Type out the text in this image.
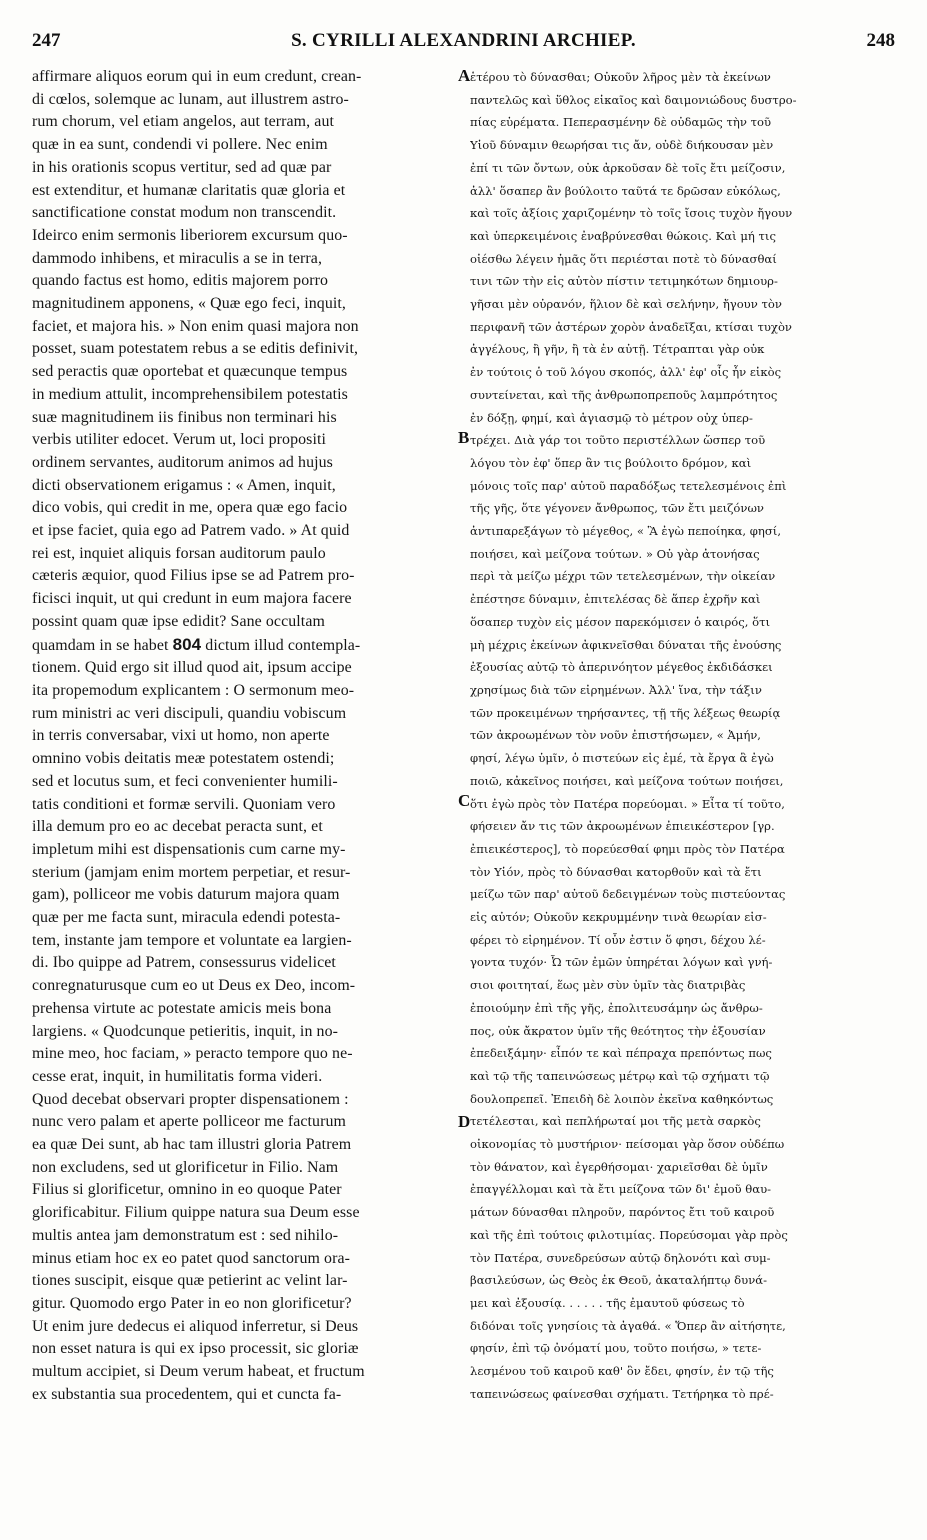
247	S. CYRILLI ALEXANDRINI ARCHIEP.	248
affirmare aliquos eorum qui in eum credunt, crean-
di cœlos, solemque ac lunam, aut illustrem astro-
rum chorum, vel etiam angelos, aut terram, aut
quæ in ea sunt, condendi vi pollere. Nec enim
in his orationis scopus vertitur, sed ad quæ par
est extenditur, et humanæ claritatis quæ gloria et
sanctificatione constat modum non transcendit.
Ideirco enim sermonis liberiorem excursum quo-
dammodo inhibens, et miraculis a se in terra,
quando factus est homo, editis majorem porro
magnitudinem apponens, « Quæ ego feci, inquit,
faciet, et majora his. » Non enim quasi majora non
posset, suam potestatem rebus a se editis definivit,
sed peractis quæ oportebat et quæcunque tempus
in medium attulit, incomprehensibilem potestatis
suæ magnitudinem iis finibus non terminari his
verbis utiliter edocet. Verum ut, loci propositi
ordinem servantes, auditorum animos ad hujus
dicti observationem erigamus : « Amen, inquit,
dico vobis, qui credit in me, opera quæ ego facio
et ipse faciet, quia ego ad Patrem vado. » At quid
rei est, inquiet aliquis forsan auditorum paulo
cæteris æquior, quod Filius ipse se ad Patrem pro-
ficisci inquit, ut qui credunt in eum majora facere
possint quam quæ ipse edidit? Sane occultam
quamdam in se habet 804 dictum illud contempla-
tionem. Quid ergo sit illud quod ait, ipsum accipe
ita propemodum explicantem : O sermonum meo-
rum ministri ac veri discipuli, quandiu vobiscum
in terris conversabar, vixi ut homo, non aperte
omnino vobis deitatis meæ potestatem ostendi;
sed et locutus sum, et feci convenienter humili-
tatis conditioni et formæ servili. Quoniam vero
illa demum pro eo ac decebat peracta sunt, et
impletum mihi est dispensationis cum carne my-
sterium (jamjam enim mortem perpetiar, et resur-
gam), polliceor me vobis daturum majora quam
quæ per me facta sunt, miracula edendi potesta-
tem, instante jam tempore et voluntate ea largien-
di. Ibo quippe ad Patrem, consessurus videlicet
conregnaturusque cum eo ut Deus ex Deo, incom-
prehensa virtute ac potestate amicis meis bona
largiens. « Quodcunque petieritis, inquit, in no-
mine meo, hoc faciam, » peracto tempore quo ne-
cesse erat, inquit, in humilitatis forma videri.
Quod decebat observari propter dispensationem :
nunc vero palam et aperte polliceor me facturum
ea quæ Dei sunt, ab hac tam illustri gloria Patrem
non excludens, sed ut glorificetur in Filio. Nam
Filius si glorificetur, omnino in eo quoque Pater
glorificabitur. Filium quippe natura sua Deum esse
multis antea jam demonstratum est : sed nihilo-
minus etiam hoc ex eo patet quod sanctorum ora-
tiones suscipit, eisque quæ petierint ac velint lar-
gitur. Quomodo ergo Pater in eo non glorificetur?
Ut enim jure dedecus ei aliquod inferretur, si Deus
non esset natura is qui ex ipso processit, sic gloriæ
multum accipiet, si Deum verum habeat, et fructum
ex substantia sua procedentem, qui et cuncta fa-
ἑτέρου τὸ δύνασθαι; Οὐκοῦν λῆρος μὲν τὰ ἐκείνων
παντελῶς καὶ ὕθλος εἰκαῖος καὶ δαιμονιώδους δυστρο-
πίας εὑρέματα. Πεπερασμένην δὲ οὐδαμῶς τὴν τοῦ
Υἱοῦ δύναμιν θεωρήσαι τις ἄν, οὐδὲ διήκουσαν μὲν
ἐπί τι τῶν ὄντων, οὐκ ἀρκοῦσαν δὲ τοῖς ἔτι μείζοσιν,
ἀλλ' ὅσαπερ ἂν βούλοιτο ταῦτά τε δρῶσαν εὐκόλως,
καὶ τοῖς ἀξίοις χαριζομένην τὸ τοῖς ἴσοις τυχὸν ἤγουν
καὶ ὑπερκειμένοις ἐναβρύνεσθαι θώκοις. Καὶ μή τις
οἰέσθω λέγειν ἡμᾶς ὅτι περιέσται ποτὲ τὸ δύνασθαί
τινι τῶν τὴν εἰς αὐτὸν πίστιν τετιμηκότων δημιουρ-
γῆσαι μὲν οὐρανόν, ἥλιον δὲ καὶ σελήνην, ἤγουν τὸν
περιφανῆ τῶν ἀστέρων χορὸν ἀναδεῖξαι, κτίσαι τυχὸν
ἀγγέλους, ἢ γῆν, ἢ τὰ ἐν αὐτῇ. Τέτραπται γὰρ οὐκ
ἐν τούτοις ὁ τοῦ λόγου σκοπός, ἀλλ' ἐφ' οἷς ἦν εἰκὸς
συντείνεται, καὶ τῆς ἀνθρωποπρεποῦς λαμπρότητος
ἐν δόξῃ, φημί, καὶ ἁγιασμῷ τὸ μέτρον οὐχ ὑπερ-
τρέχει. Διὰ γάρ τοι τοῦτο περιστέλλων ὥσπερ τοῦ
λόγου τὸν ἐφ' ὅπερ ἂν τις βούλοιτο δρόμον, καὶ
μόνοις τοῖς παρ' αὐτοῦ παραδόξως τετελεσμένοις ἐπὶ
τῆς γῆς, ὅτε γέγονεν ἄνθρωπος, τῶν ἔτι μειζόνων
ἀντιπαρεξάγων τὸ μέγεθος, « Ἃ ἐγὼ πεποίηκα, φησί,
ποιήσει, καὶ μείζονα τούτων. » Οὐ γὰρ ἀτονήσας
περὶ τὰ μείζω μέχρι τῶν τετελεσμένων, τὴν οἰκείαν
ἐπέστησε δύναμιν, ἐπιτελέσας δὲ ἅπερ ἐχρῆν καὶ
ὅσαπερ τυχὸν εἰς μέσον παρεκόμισεν ὁ καιρός, ὅτι
μὴ μέχρις ἐκείνων ἀφικνεῖσθαι δύναται τῆς ἐνούσης
ἐξουσίας αὐτῷ τὸ ἀπερινόητον μέγεθος ἐκδιδάσκει
χρησίμως διὰ τῶν εἰρημένων. Ἀλλ' ἵνα, τὴν τάξιν
τῶν προκειμένων τηρήσαντες, τῇ τῆς λέξεως θεωρίᾳ
τῶν ἀκροωμένων τὸν νοῦν ἐπιστήσωμεν, « Ἀμήν,
φησί, λέγω ὑμῖν, ὁ πιστεύων εἰς ἐμέ, τὰ ἔργα ἃ ἐγὼ
ποιῶ, κἀκεῖνος ποιήσει, καὶ μείζονα τούτων ποιήσει,
ὅτι ἐγὼ πρὸς τὸν Πατέρα πορεύομαι. » Εἶτα τί τοῦτο,
φήσειεν ἄν τις τῶν ἀκροωμένων ἐπιεικέστερον [γρ.
ἐπιεικέστερος], τὸ πορεύεσθαί φημι πρὸς τὸν Πατέρα
τὸν Υἱόν, πρὸς τὸ δύνασθαι κατορθοῦν καὶ τὰ ἔτι
μείζω τῶν παρ' αὐτοῦ δεδειγμένων τοὺς πιστεύοντας
εἰς αὐτόν; Οὐκοῦν κεκρυμμένην τινὰ θεωρίαν εἰσ-
φέρει τὸ εἰρημένον. Τί οὖν ἐστιν ὅ φησι, δέχου λέ-
γοντα τυχόν· Ὦ τῶν ἐμῶν ὑπηρέται λόγων καὶ γνή-
σιοι φοιτηταί, ἕως μὲν σὺν ὑμῖν τὰς διατριβὰς
ἐποιούμην ἐπὶ τῆς γῆς, ἐπολιτευσάμην ὡς ἄνθρω-
πος, οὐκ ἄκρατον ὑμῖν τῆς θεότητος τὴν ἐξουσίαν
ἐπεδειξάμην· εἶπόν τε καὶ πέπραχα πρεπόντως πως
καὶ τῷ τῆς ταπεινώσεως μέτρῳ καὶ τῷ σχήματι τῷ
δουλοπρεπεῖ. Ἐπειδὴ δὲ λοιπὸν ἐκεῖνα καθηκόντως
τετέλεσται, καὶ πεπλήρωταί μοι τῆς μετὰ σαρκὸς
οἰκονομίας τὸ μυστήριον· πείσομαι γὰρ ὅσον οὐδέπω
τὸν θάνατον, καὶ ἐγερθήσομαι· χαριεῖσθαι δὲ ὑμῖν
ἐπαγγέλλομαι καὶ τὰ ἔτι μείζονα τῶν δι' ἐμοῦ θαυ-
μάτων δύνασθαι πληροῦν, παρόντος ἔτι τοῦ καιροῦ
καὶ τῆς ἐπὶ τούτοις φιλοτιμίας. Πορεύσομαι γὰρ πρὸς
τὸν Πατέρα, συνεδρεύσων αὐτῷ δηλονότι καὶ συμ-
βασιλεύσων, ὡς Θεὸς ἐκ Θεοῦ, ἀκαταλήπτῳ δυνά-
μει καὶ ἐξουσίᾳ. . . . . . τῆς ἐμαυτοῦ φύσεως τὸ
διδόναι τοῖς γνησίοις τὰ ἀγαθά. « Ὅπερ ἂν αἰτήσητε,
φησίν, ἐπὶ τῷ ὀνόματί μου, τοῦτο ποιήσω, » τετε-
λεσμένου τοῦ καιροῦ καθ' ὃν ἔδει, φησίν, ἐν τῷ τῆς
ταπεινώσεως φαίνεσθαι σχήματι. Τετήρηκα τὸ πρέ-
A
B
C
D
